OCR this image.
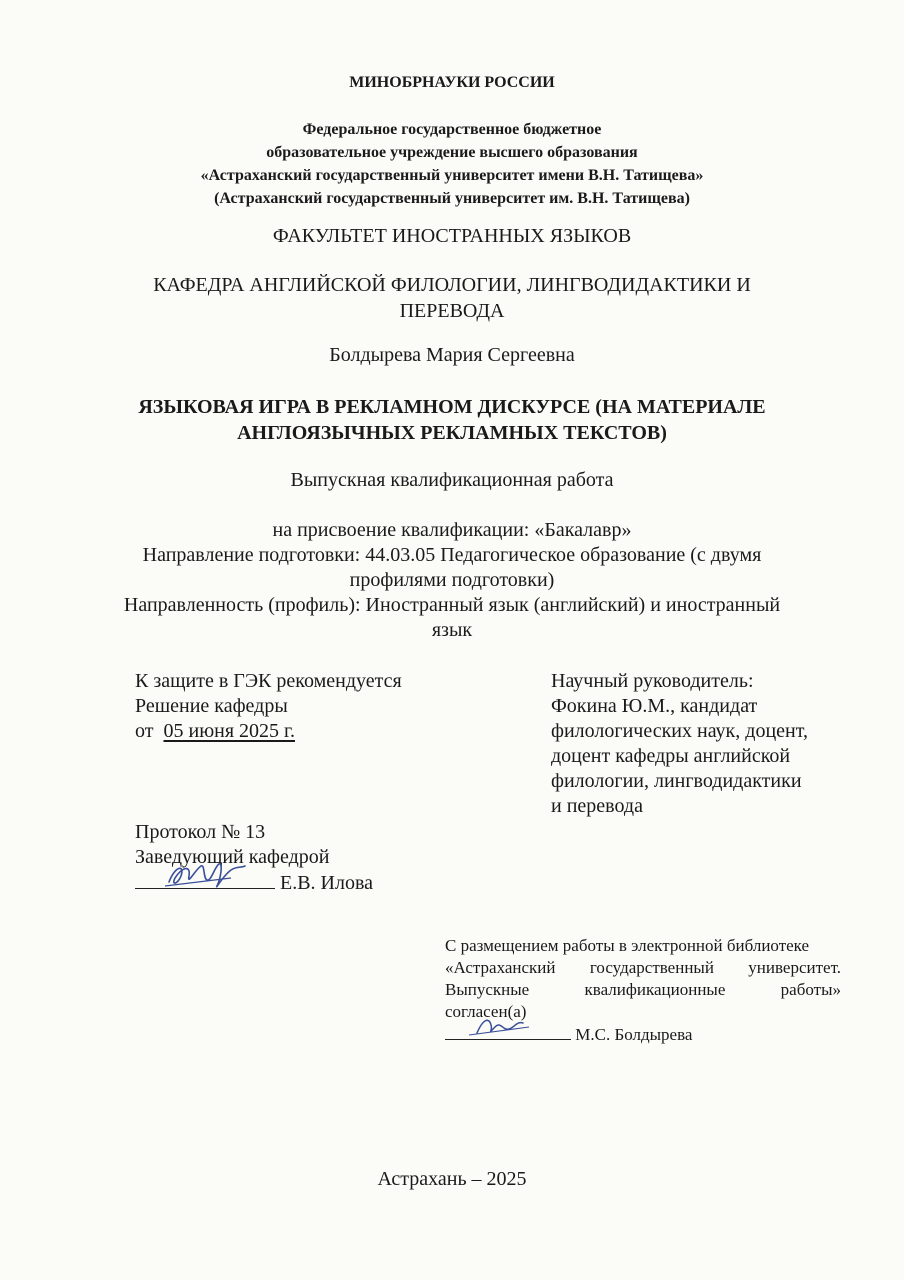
МИНОБРНАУКИ РОССИИ
Федеральное государственное бюджетное
образовательное учреждение высшего образования
«Астраханский государственный университет имени В.Н. Татищева»
(Астраханский государственный университет им. В.Н. Татищева)
ФАКУЛЬТЕТ ИНОСТРАННЫХ ЯЗЫКОВ
КАФЕДРА АНГЛИЙСКОЙ ФИЛОЛОГИИ, ЛИНГВОДИДАКТИКИ И
ПЕРЕВОДА
Болдырева Мария Сергеевна
ЯЗЫКОВАЯ ИГРА В РЕКЛАМНОМ ДИСКУРСЕ (НА МАТЕРИАЛЕ
АНГЛОЯЗЫЧНЫХ РЕКЛАМНЫХ ТЕКСТОВ)
Выпускная квалификационная работа
на присвоение квалификации: «Бакалавр»
Направление подготовки: 44.03.05 Педагогическое образование (с двумя
профилями подготовки)
Направленность (профиль): Иностранный язык (английский) и иностранный
язык
К защите в ГЭК рекомендуется
Решение кафедры
от 05 июня 2025 г.
Научный руководитель:
Фокина Ю.М., кандидат
филологических наук, доцент,
доцент кафедры английской
филологии, лингводидактики
и перевода
Протокол № 13
Заведующий кафедрой
Е.В. Илова
С размещением работы в электронной библиотеке
«Астраханский государственный университет.
Выпускные квалификационные работы»
согласен(а)
М.С. Болдырева
Астрахань – 2025
